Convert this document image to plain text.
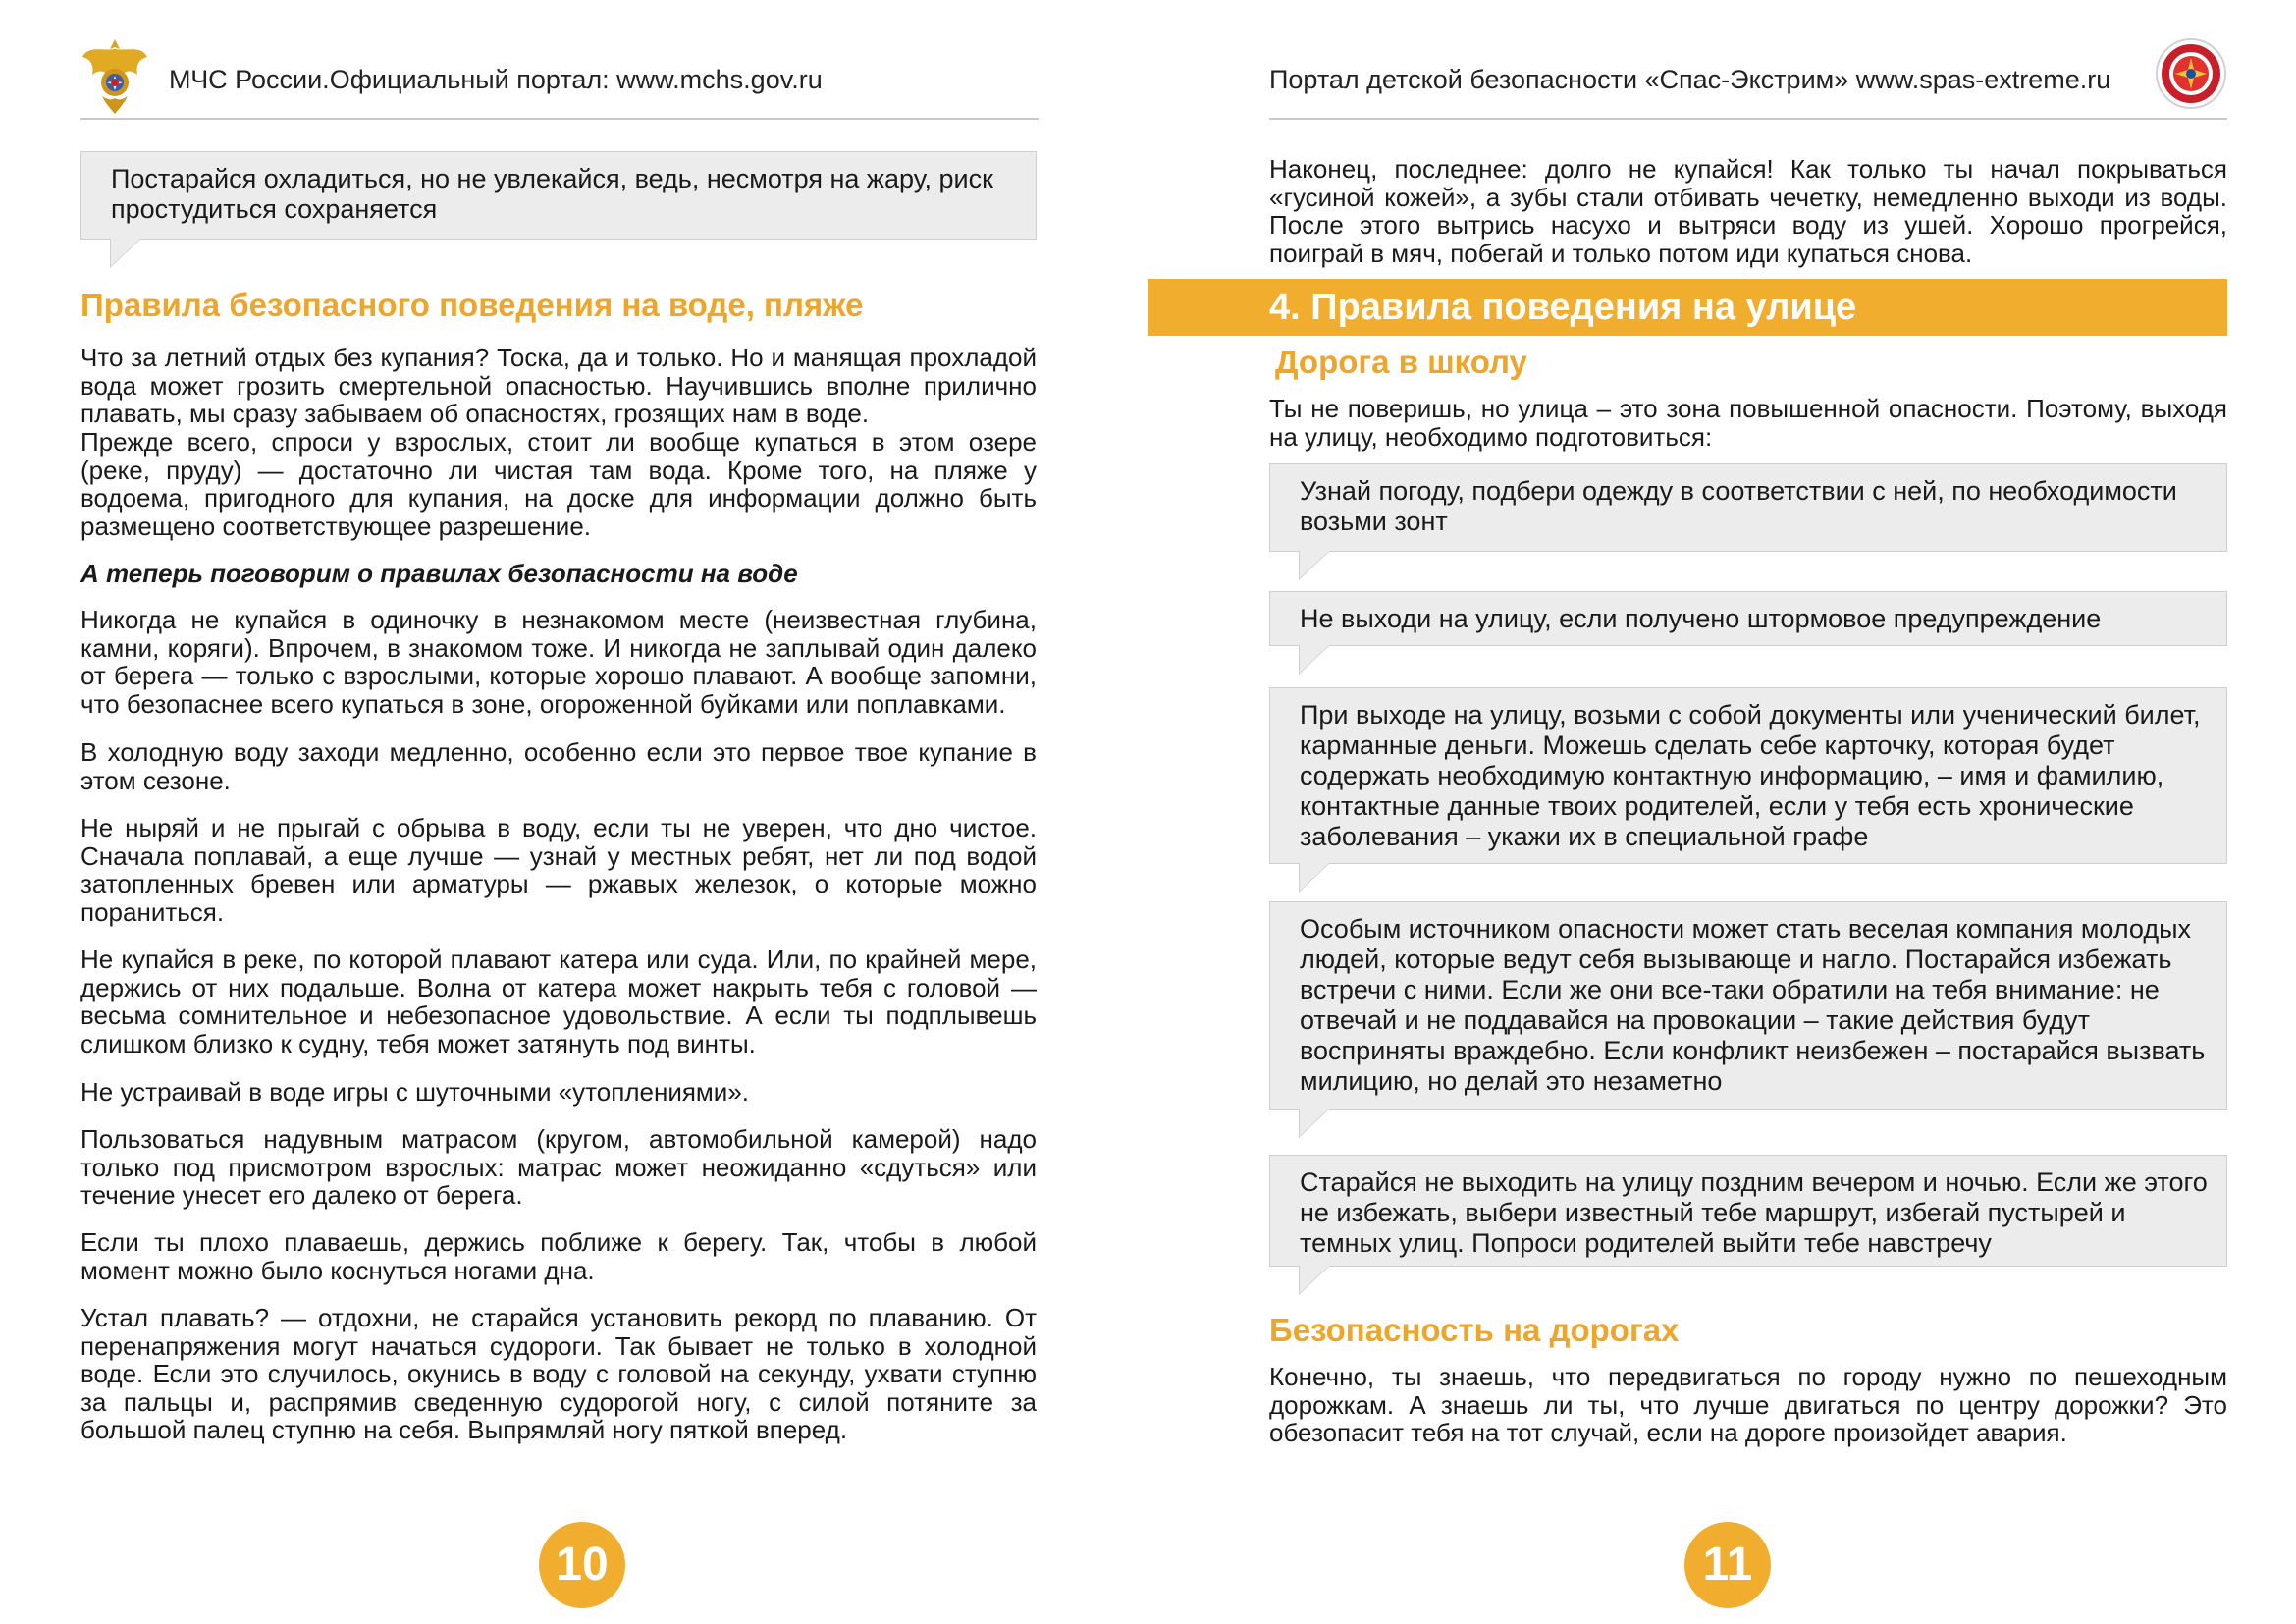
МЧС России.Официальный портал: www.mchs.gov.ru
Постарайся охладиться, но не увлекайся, ведь, несмотря на жару, риск простудиться сохраняется
Правила безопасного поведения на воде, пляже

Что за летний отдых без купания? Тоска, да и только. Но и манящая прохладой вода может грозить смертельной опасностью. Научившись вполне прилично плавать, мы сразу забываем об опасностях, грозящих нам в воде.

Прежде всего, спроси у взрослых, стоит ли вообще купаться в этом озере (реке, пруду) — достаточно ли чистая там вода. Кроме того, на пляже у водоема, пригодного для купания, на доске для информации должно быть размещено соответствующее разрешение.

А теперь поговорим о правилах безопасности на воде

Никогда не купайся в одиночку в незнакомом месте (неизвестная глубина, камни, коряги). Впрочем, в знакомом тоже. И никогда не заплывай один далеко от берега — только с взрослыми, которые хорошо плавают. А вообще запомни, что безопаснее всего купаться в зоне, огороженной буйками или поплавками.

В холодную воду заходи медленно, особенно если это первое твое купание в этом сезоне.

Не ныряй и не прыгай с обрыва в воду, если ты не уверен, что дно чистое. Сначала поплавай, а еще лучше — узнай у местных ребят, нет ли под водой затопленных бревен или арматуры — ржавых железок, о которые можно пораниться.

Не купайся в реке, по которой плавают катера или суда. Или, по крайней мере, держись от них подальше. Волна от катера может накрыть тебя с головой — весьма сомнительное и небезопасное удовольствие. А если ты подплывешь слишком близко к судну, тебя может затянуть под винты.

Не устраивай в воде игры с шуточными «утоплениями».

Пользоваться надувным матрасом (кругом, автомобильной камерой) надо только под присмотром взрослых: матрас может неожиданно «сдуться» или течение унесет его далеко от берега.

Если ты плохо плаваешь, держись поближе к берегу. Так, чтобы в любой момент можно было коснуться ногами дна.

Устал плавать? — отдохни, не старайся установить рекорд по плаванию. От перенапряжения могут начаться судороги. Так бывает не только в холодной воде. Если это случилось, окунись в воду с головой на секунду, ухвати ступню за пальцы и, распрямив сведенную судорогой ногу, с силой потяните за большой палец ступню на себя. Выпрямляй ногу пяткой вперед.

10
Портал детской безопасности «Спас-Экстрим» www.spas-extreme.ru

Наконец, последнее: долго не купайся! Как только ты начал покрываться «гусиной кожей», а зубы стали отбивать чечетку, немедленно выходи из воды. После этого вытрись насухо и вытряси воду из ушей. Хорошо прогрейся, поиграй в мяч, побегай и только потом иди купаться снова.

4. Правила поведения на улице
Дорога в школу

Ты не поверишь, но улица – это зона повышенной опасности. Поэтому, выходя на улицу, необходимо подготовиться:

Узнай погоду, подбери одежду в соответствии с ней, по необходимости возьми зонт
Не выходи на улицу, если получено штормовое предупреждение
При выходе на улицу, возьми с собой документы или ученический билет, карманные деньги. Можешь сделать себе карточку, которая будет содержать необходимую контактную информацию, – имя и фамилию, контактные данные твоих родителей, если у тебя есть хронические заболевания – укажи их в специальной графе
Особым источником опасности может стать веселая компания молодых людей, которые ведут себя вызывающе и нагло. Постарайся избежать встречи с ними. Если же они все-таки обратили на тебя внимание: не отвечай и не поддавайся на провокации – такие действия будут восприняты враждебно. Если конфликт неизбежен – постарайся вызвать милицию, но делай это незаметно
Старайся не выходить на улицу поздним вечером и ночью. Если же этого не избежать, выбери известный тебе маршрут, избегай пустырей и темных улиц. Попроси родителей выйти тебе навстречу
Безопасность на дорогах

Конечно, ты знаешь, что передвигаться по городу нужно по пешеходным дорожкам. А знаешь ли ты, что лучше двигаться по центру дорожки? Это обезопасит тебя на тот случай, если на дороге произойдет авария.

11
